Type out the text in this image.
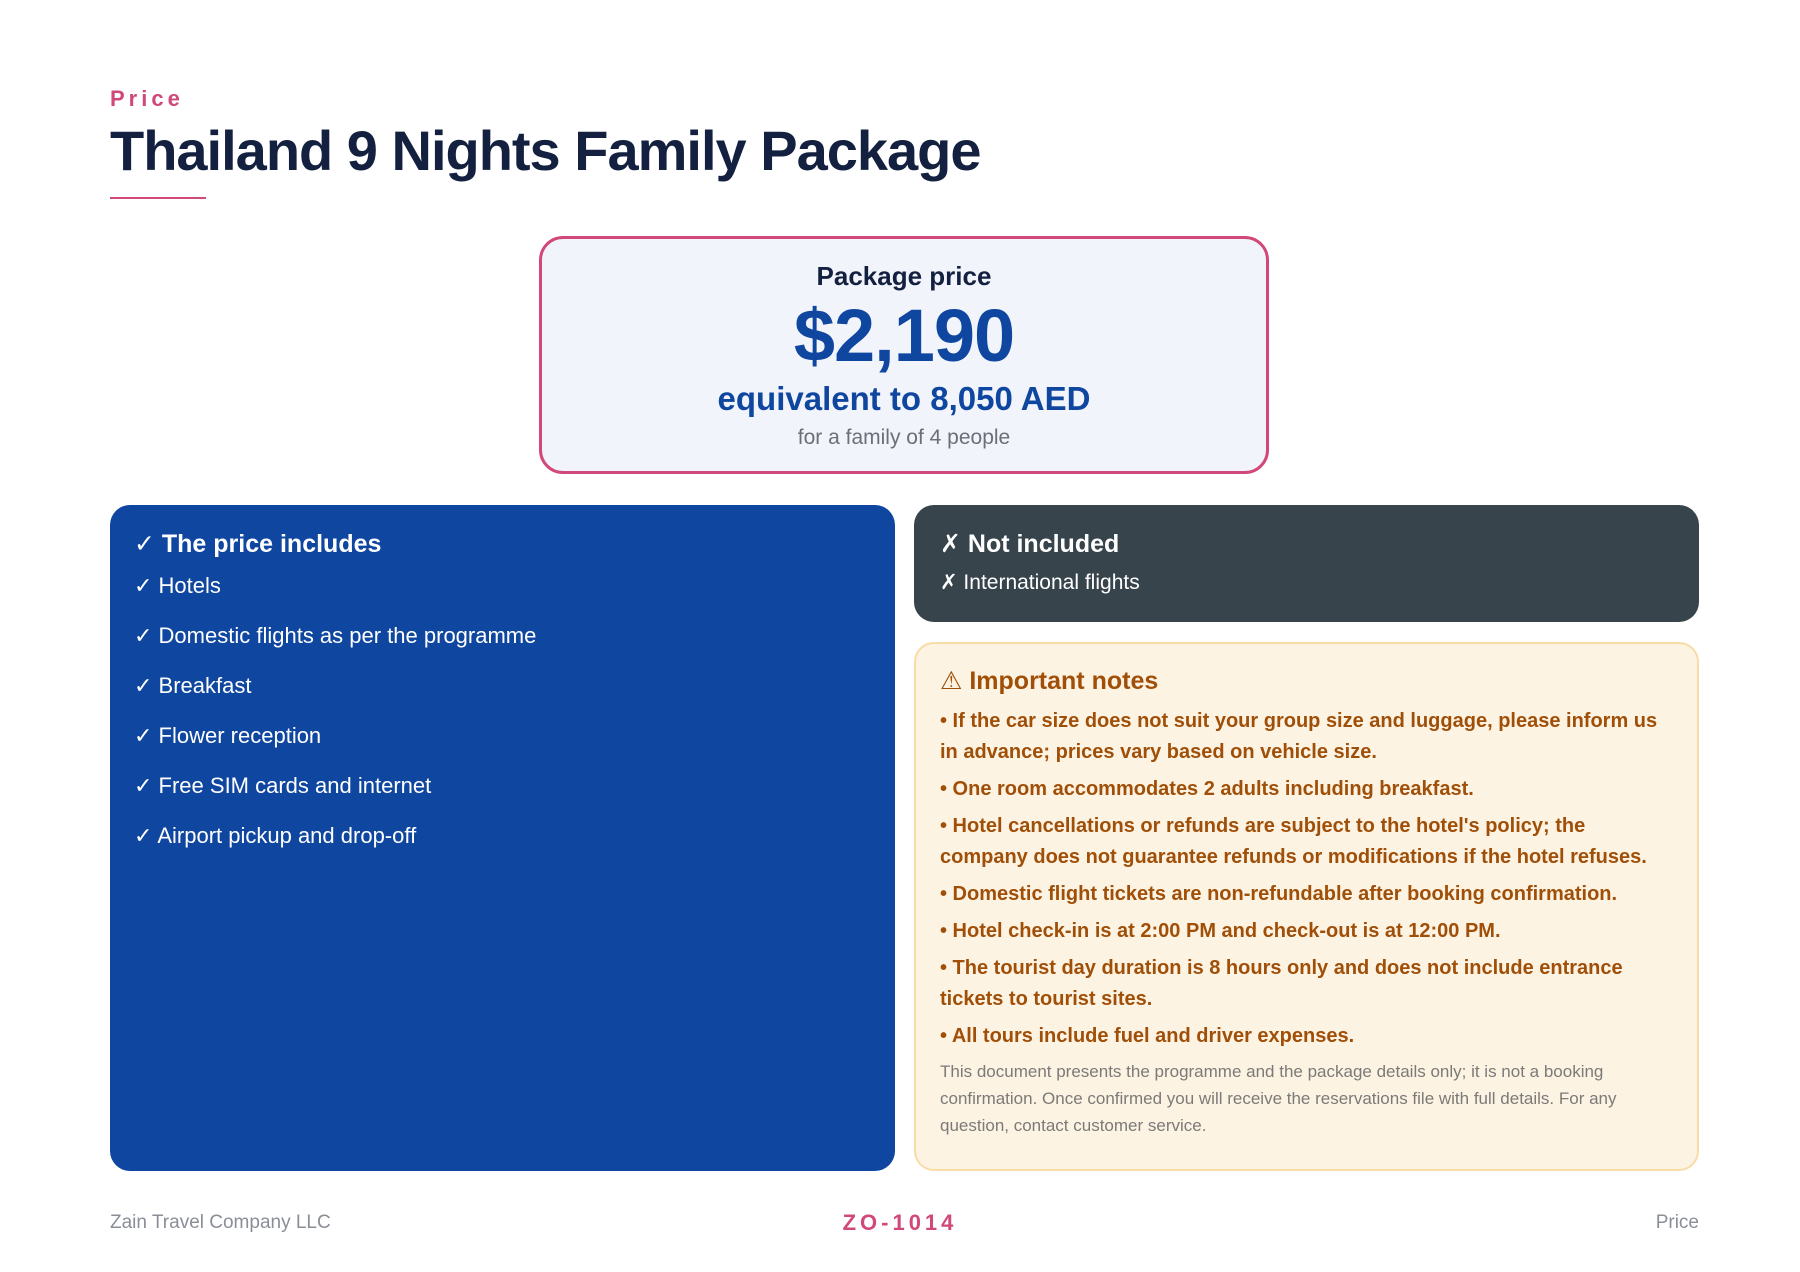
Price
Thailand 9 Nights Family Package
Package price
$2,190
equivalent to 8,050 AED
for a family of 4 people
✓ The price includes
✓ Hotels
✓ Domestic flights as per the programme
✓ Breakfast
✓ Flower reception
✓ Free SIM cards and internet
✓ Airport pickup and drop-off
✗ Not included
✗ International flights
⚠ Important notes
• If the car size does not suit your group size and luggage, please inform us in advance; prices vary based on vehicle size.
• One room accommodates 2 adults including breakfast.
• Hotel cancellations or refunds are subject to the hotel's policy; the company does not guarantee refunds or modifications if the hotel refuses.
• Domestic flight tickets are non-refundable after booking confirmation.
• Hotel check-in is at 2:00 PM and check-out is at 12:00 PM.
• The tourist day duration is 8 hours only and does not include entrance tickets to tourist sites.
• All tours include fuel and driver expenses.

This document presents the programme and the package details only; it is not a booking confirmation. Once confirmed you will receive the reservations file with full details. For any question, contact customer service.

Zain Travel Company LLC	ZO-1014	Price
